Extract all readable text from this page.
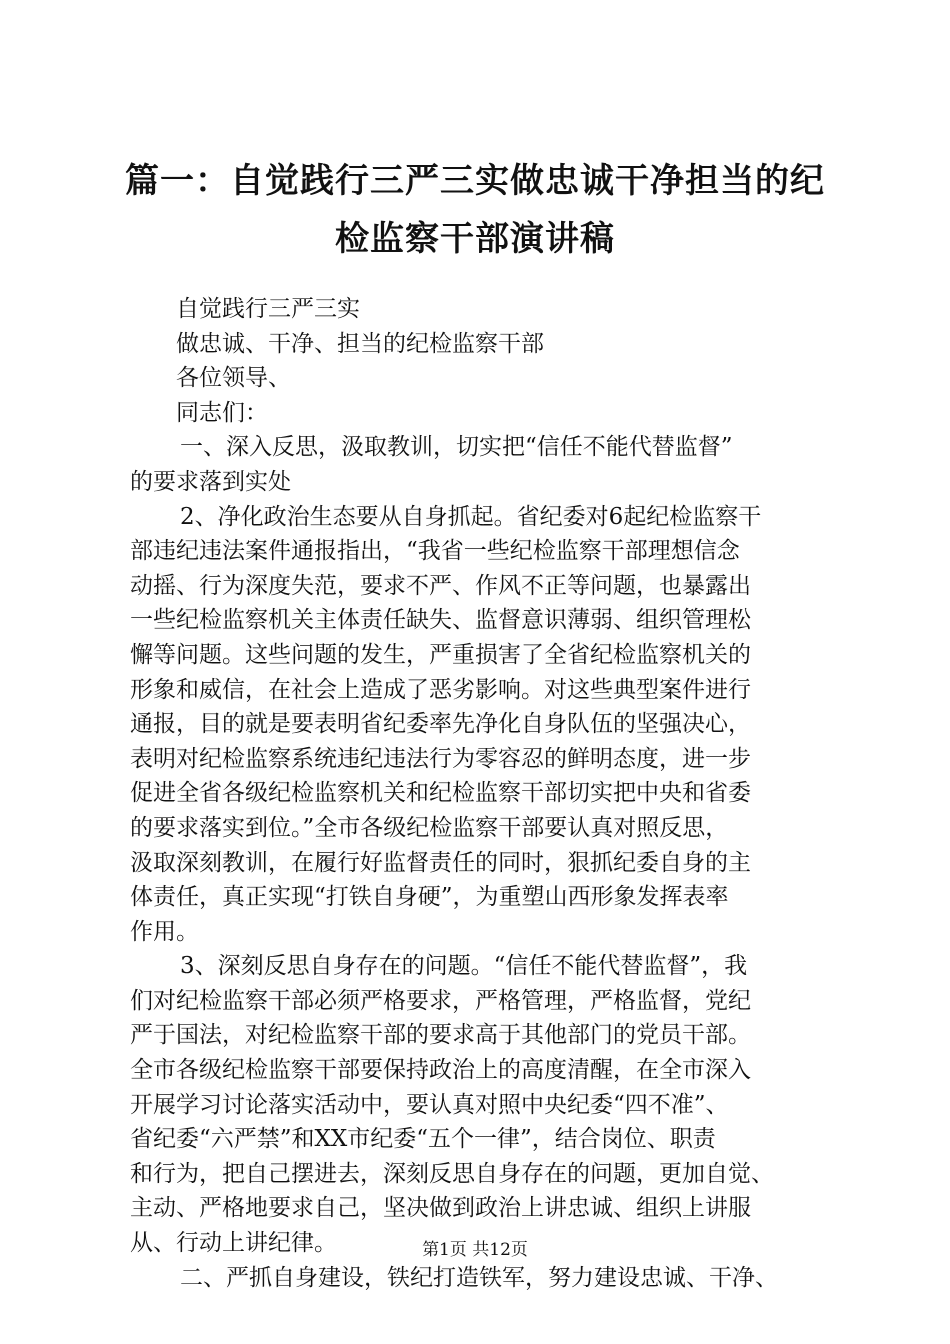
篇一：自觉践行三严三实做忠诚干净担当的纪
检监察干部演讲稿
自觉践行三严三实
做忠诚、干净、担当的纪检监察干部
各位领导、
同志们：
一、深入反思，汲取教训，切实把“信任不能代替监督”
的要求落到实处
2、净化政治生态要从自身抓起。省纪委对6起纪检监察干
部违纪违法案件通报指出，“我省一些纪检监察干部理想信念
动摇、行为深度失范，要求不严、作风不正等问题，也暴露出
一些纪检监察机关主体责任缺失、监督意识薄弱、组织管理松
懈等问题。这些问题的发生，严重损害了全省纪检监察机关的
形象和威信，在社会上造成了恶劣影响。对这些典型案件进行
通报，目的就是要表明省纪委率先净化自身队伍的坚强决心，
表明对纪检监察系统违纪违法行为零容忍的鲜明态度，进一步
促进全省各级纪检监察机关和纪检监察干部切实把中央和省委
的要求落实到位。”全市各级纪检监察干部要认真对照反思，
汲取深刻教训，在履行好监督责任的同时，狠抓纪委自身的主
体责任，真正实现“打铁自身硬”，为重塑山西形象发挥表率
作用。
3、深刻反思自身存在的问题。“信任不能代替监督”，我
们对纪检监察干部必须严格要求，严格管理，严格监督，党纪
严于国法，对纪检监察干部的要求高于其他部门的党员干部。
全市各级纪检监察干部要保持政治上的高度清醒，在全市深入
开展学习讨论落实活动中，要认真对照中央纪委“四不准”、
省纪委“六严禁”和XX市纪委“五个一律”，结合岗位、职责
和行为，把自己摆进去，深刻反思自身存在的问题，更加自觉、
主动、严格地要求自己，坚决做到政治上讲忠诚、组织上讲服
从、行动上讲纪律。
二、严抓自身建设，铁纪打造铁军，努力建设忠诚、干净、
第1页 共12页
